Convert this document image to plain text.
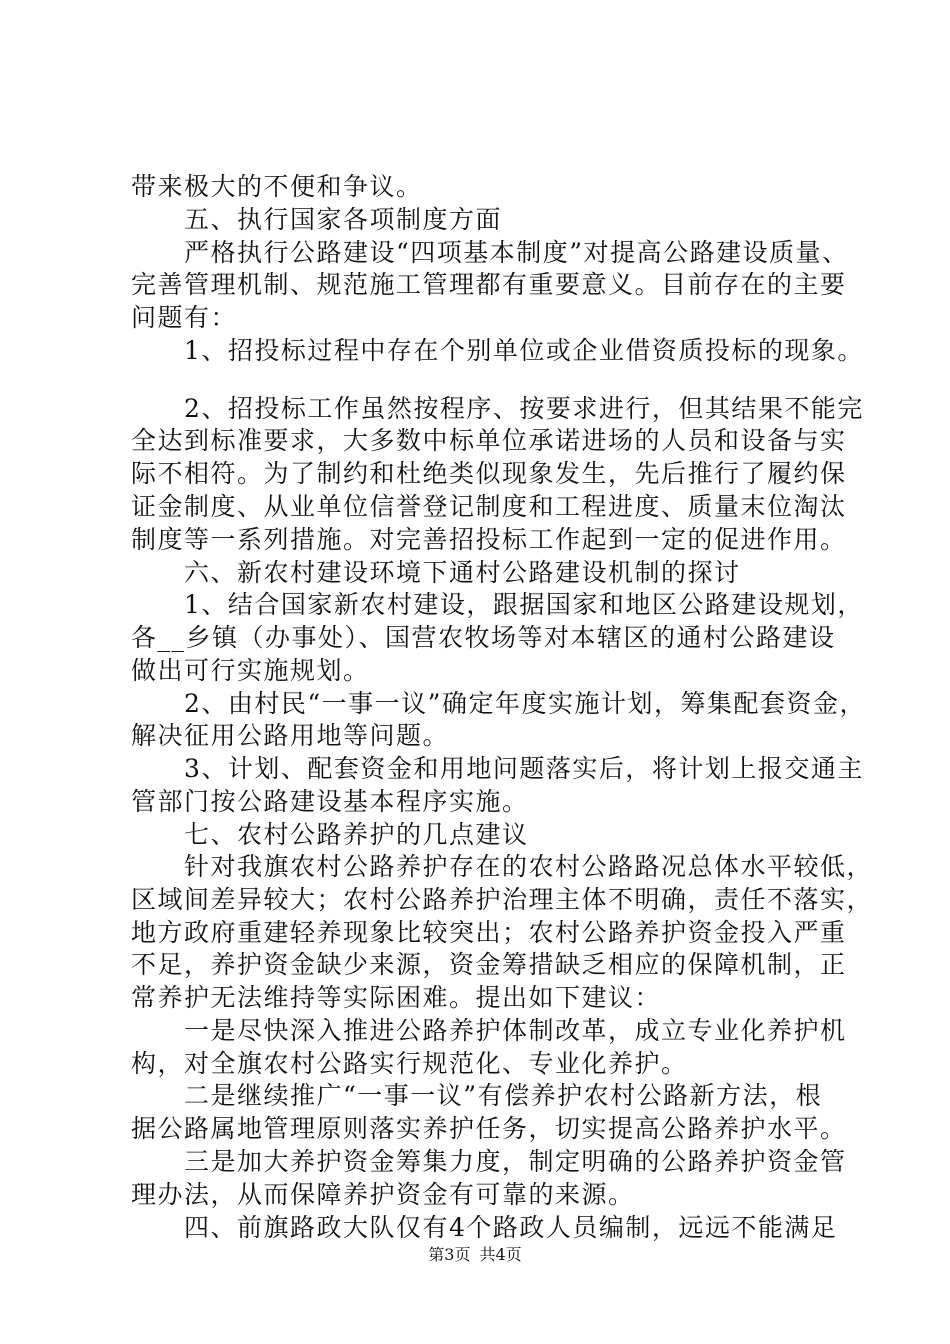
带来极大的不便和争议。
　　五、执行国家各项制度方面
　　严格执行公路建设“四项基本制度”对提高公路建设质量、
完善管理机制、规范施工管理都有重要意义。目前存在的主要
问题有：
　　1、招投标过程中存在个别单位或企业借资质投标的现象。
　　2、招投标工作虽然按程序、按要求进行，但其结果不能完
全达到标准要求，大多数中标单位承诺进场的人员和设备与实
际不相符。为了制约和杜绝类似现象发生，先后推行了履约保
证金制度、从业单位信誉登记制度和工程进度、质量末位淘汰
制度等一系列措施。对完善招投标工作起到一定的促进作用。
　　六、新农村建设环境下通村公路建设机制的探讨
　　1、结合国家新农村建设，跟据国家和地区公路建设规划，
各__乡镇（办事处）、国营农牧场等对本辖区的通村公路建设
做出可行实施规划。
　　2、由村民“一事一议”确定年度实施计划，筹集配套资金，
解决征用公路用地等问题。
　　3、计划、配套资金和用地问题落实后，将计划上报交通主
管部门按公路建设基本程序实施。
　　七、农村公路养护的几点建议
　　针对我旗农村公路养护存在的农村公路路况总体水平较低，
区域间差异较大；农村公路养护治理主体不明确，责任不落实，
地方政府重建轻养现象比较突出；农村公路养护资金投入严重
不足，养护资金缺少来源，资金筹措缺乏相应的保障机制，正
常养护无法维持等实际困难。提出如下建议：
　　一是尽快深入推进公路养护体制改革，成立专业化养护机
构，对全旗农村公路实行规范化、专业化养护。
　　二是继续推广“一事一议”有偿养护农村公路新方法，根
据公路属地管理原则落实养护任务，切实提高公路养护水平。
　　三是加大养护资金筹集力度，制定明确的公路养护资金管
理办法，从而保障养护资金有可靠的来源。
　　四、前旗路政大队仅有4个路政人员编制，远远不能满足
第3页 共4页
